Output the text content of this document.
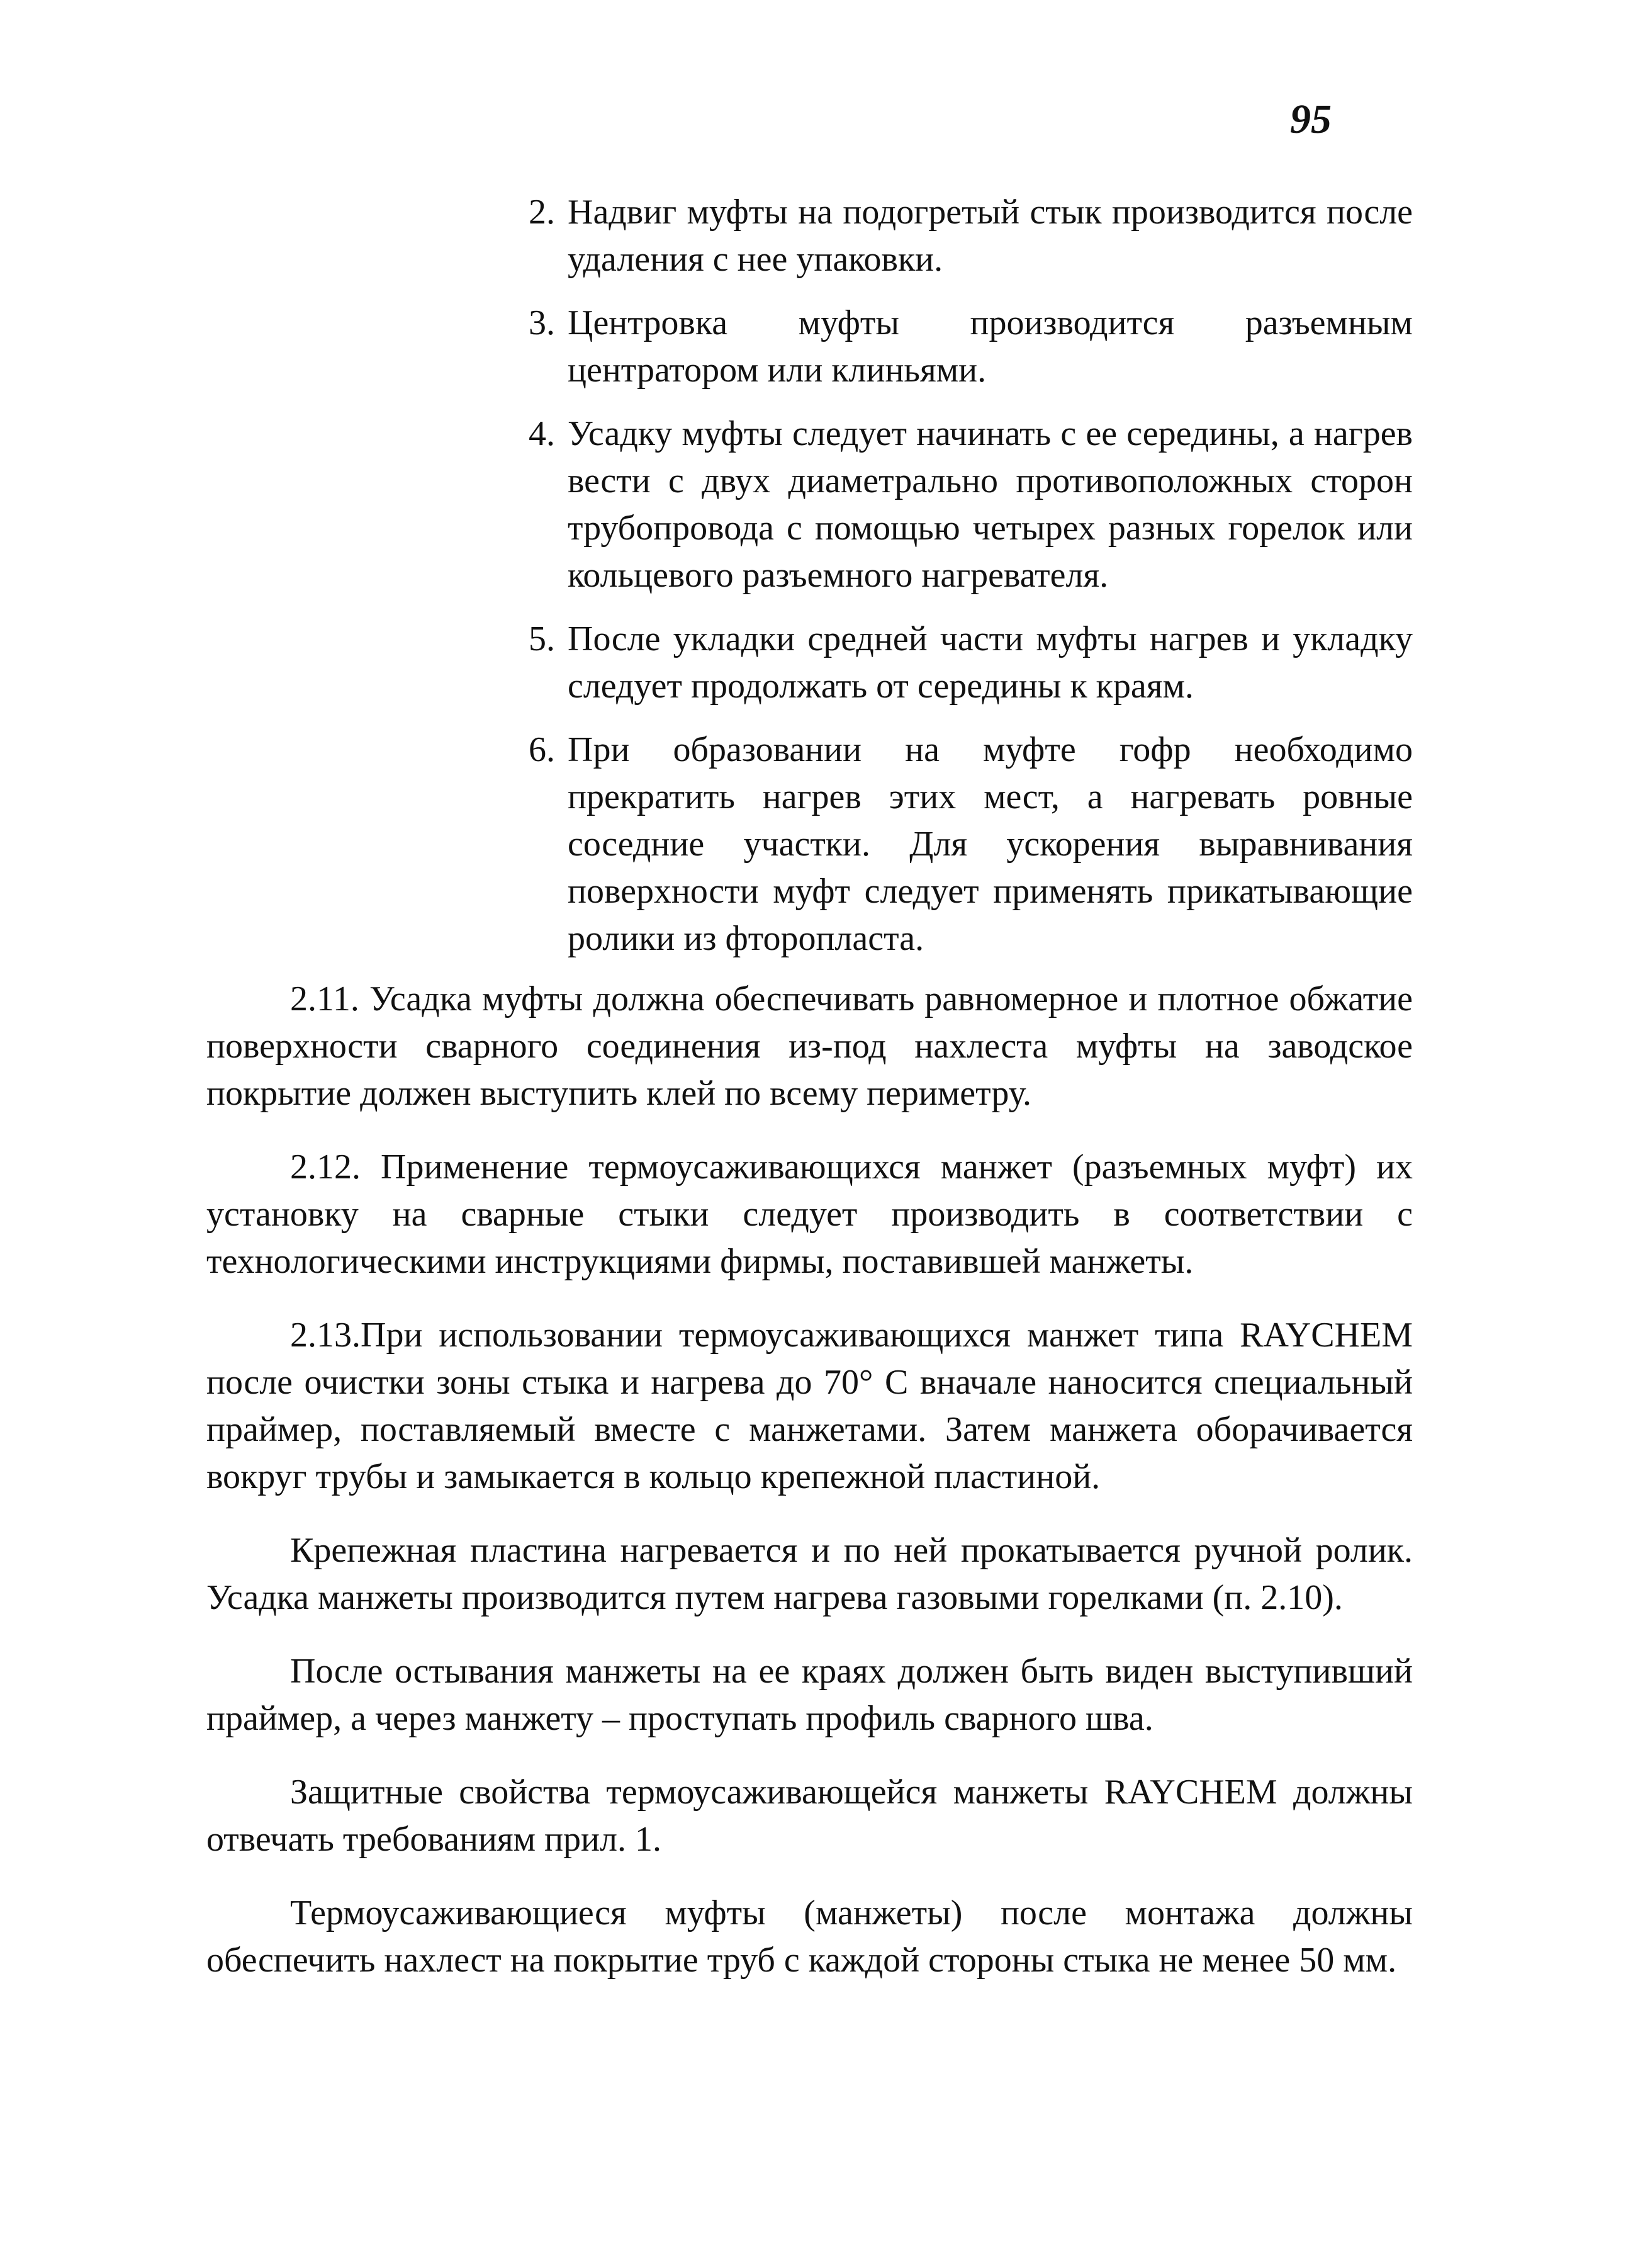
95
2. Надвиг муфты на подогретый стык производится после удаления с нее упаковки.
3. Центровка муфты производится разъемным центратором или клиньями.
4. Усадку муфты следует начинать с ее середины, а нагрев вести с двух диаметрально противоположных сторон трубопровода с помощью четырех разных горелок или кольцевого разъемного нагревателя.
5. После укладки средней части муфты нагрев и укладку следует продолжать от середины к краям.
6. При образовании на муфте гофр необходимо прекратить нагрев этих мест, а нагревать ровные соседние участки. Для ускорения выравнивания поверхности муфт следует применять прикатывающие ролики из фторопласта.

2.11. Усадка муфты должна обеспечивать равномерное и плотное обжатие поверхности сварного соединения из-под нахлеста муфты на заводское покрытие должен выступить клей по всему периметру.

2.12. Применение термоусаживающихся манжет (разъемных муфт) их установку на сварные стыки следует производить в соответствии с технологическими инструкциями фирмы, поставившей манжеты.

2.13.При использовании термоусаживающихся манжет типа RAYCHEM после очистки зоны стыка и нагрева до 70° С вначале наносится специальный праймер, поставляемый вместе с манжетами. Затем манжета оборачивается вокруг трубы и замыкается в кольцо крепежной пластиной.

Крепежная пластина нагревается и по ней прокатывается ручной ролик. Усадка манжеты производится путем нагрева газовыми горелками (п. 2.10).

После остывания манжеты на ее краях должен быть виден выступивший праймер, а через манжету – проступать профиль сварного шва.

Защитные свойства термоусаживающейся манжеты RAYCHEM должны отвечать требованиям прил. 1.

Термоусаживающиеся муфты (манжеты) после монтажа должны обеспечить нахлест на покрытие труб с каждой стороны стыка не менее 50 мм.
